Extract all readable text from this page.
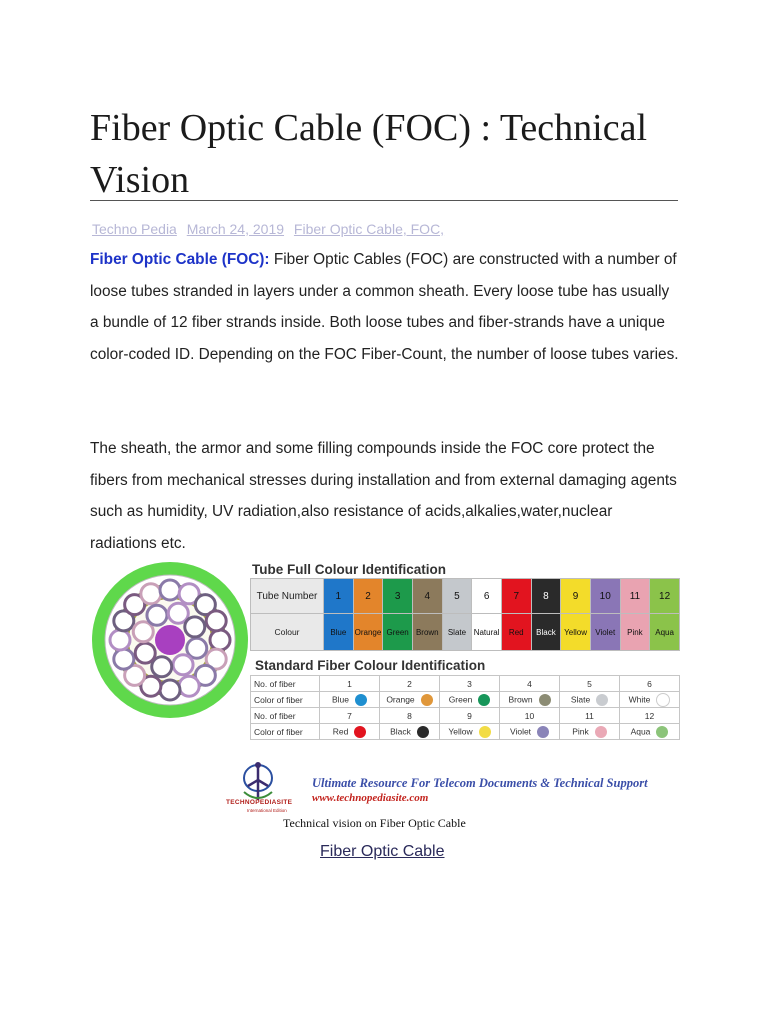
Fiber Optic Cable (FOC) : Technical Vision
Techno Pedia March 24, 2019 Fiber Optic Cable, FOC,

Fiber Optic Cable (FOC): Fiber Optic Cables (FOC) are constructed with a number of loose tubes stranded in layers under a common sheath. Every loose tube has usually a bundle of 12 fiber strands inside. Both loose tubes and fiber-strands have a unique color-coded ID. Depending on the FOC Fiber-Count, the number of loose tubes varies.

The sheath, the armor and some filling compounds inside the FOC core protect the fibers from mechanical stresses during installation and from external damaging agents such as humidity, UV radiation,also resistance of acids,alkalies,water,nuclear radiations etc.

Tube Full Colour Identification
Tube Number	1	2	3	4	5	6	7	8	9	10	11	12
Colour	Blue	Orange	Green	Brown	Slate	Natural	Red	Black	Yellow	Violet	Pink	Aqua
Standard Fiber Colour Identification
No. of fiber	1	2	3	4	5	6
Color of fiber	Blue	Orange	Green	Brown	Slate	White
No. of fiber	7	8	9	10	11	12
Color of fiber	Red	Black	Yellow	Violet	Pink	Aqua
TECHNOPEDIASITE
International Edition
Ultimate Resource For Telecom Documents & Technical Support
www.technopediasite.com
Technical vision on Fiber Optic Cable
Fiber Optic Cable
